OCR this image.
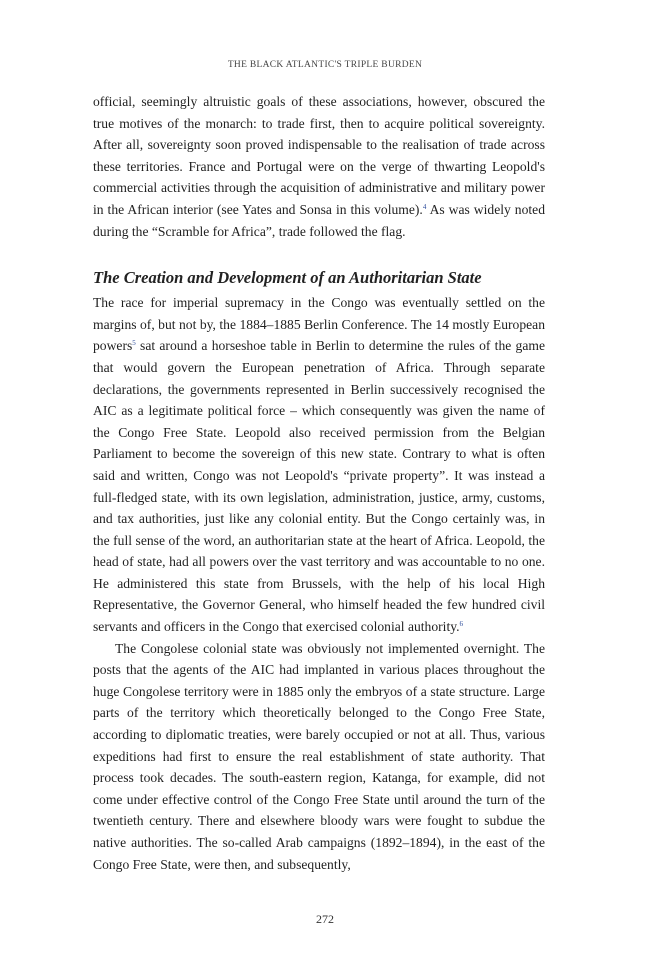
THE BLACK ATLANTIC'S TRIPLE BURDEN

official, seemingly altruistic goals of these associations, however, obscured the true motives of the monarch: to trade first, then to acquire political sovereignty. After all, sovereignty soon proved indispensable to the realisation of trade across these territories. France and Portugal were on the verge of thwarting Leopold's commercial activities through the acquisition of administrative and military power in the African interior (see Yates and Sonsa in this volume).$^4$ As was widely noted during the “Scramble for Africa”, trade followed the flag.

The Creation and Development of an Authoritarian State

The race for imperial supremacy in the Congo was eventually settled on the margins of, but not by, the 1884–1885 Berlin Conference. The 14 mostly European powers$^5$ sat around a horseshoe table in Berlin to determine the rules of the game that would govern the European penetration of Africa. Through separate declarations, the governments represented in Berlin successively recognised the AIC as a legitimate political force – which consequently was given the name of the Congo Free State. Leopold also received permission from the Belgian Parliament to become the sovereign of this new state. Contrary to what is often said and written, Congo was not Leopold's “private property”. It was instead a full-fledged state, with its own legislation, administration, justice, army, customs, and tax authorities, just like any colonial entity. But the Congo certainly was, in the full sense of the word, an authoritarian state at the heart of Africa. Leopold, the head of state, had all powers over the vast territory and was accountable to no one. He administered this state from Brussels, with the help of his local High Representative, the Governor General, who himself headed the few hundred civil servants and officers in the Congo that exercised colonial authority.$^6$

The Congolese colonial state was obviously not implemented overnight. The posts that the agents of the AIC had implanted in various places throughout the huge Congolese territory were in 1885 only the embryos of a state structure. Large parts of the territory which theoretically belonged to the Congo Free State, according to diplomatic treaties, were barely occupied or not at all. Thus, various expeditions had first to ensure the real establishment of state authority. That process took decades. The south-eastern region, Katanga, for example, did not come under effective control of the Congo Free State until around the turn of the twentieth century. There and elsewhere bloody wars were fought to subdue the native authorities. The so-called Arab campaigns (1892–1894), in the east of the Congo Free State, were then, and subsequently,

272
